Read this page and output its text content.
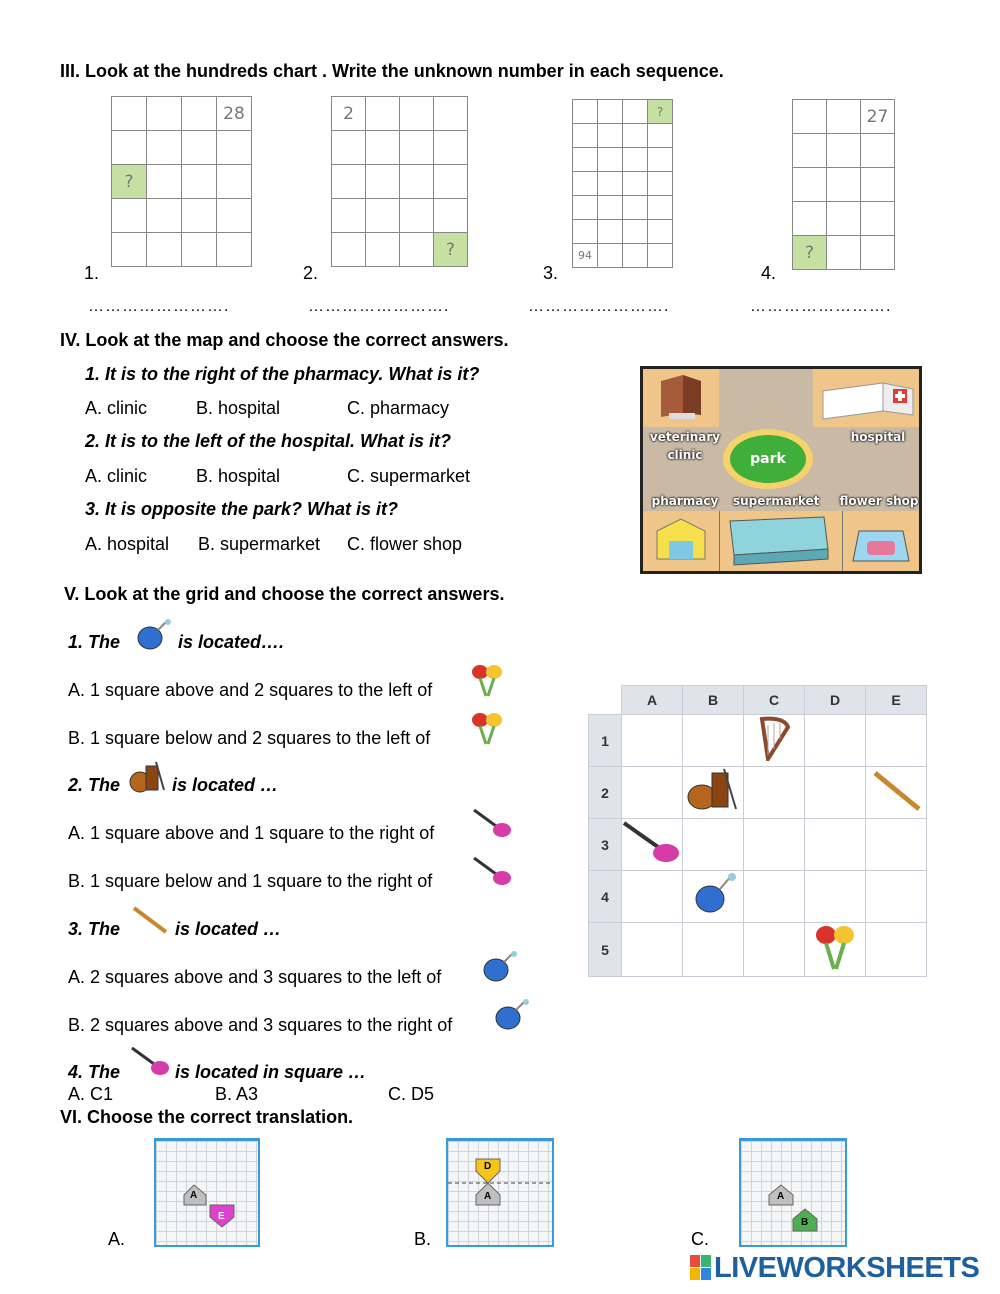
III. Look at the hundreds chart . Write the unknown number in each sequence.
1.
			28

?			

…………………….
2.
2			

			?
…………………….
3.
			?

94			
…………………….
4.
		27

?		
…………………….
IV. Look at the map and choose the correct answers.
1. It is to the right of the pharmacy. What is it?
A. clinic	B. hospital	C. pharmacy
2. It is to the left of the hospital. What is it?
A. clinic	B. hospital	C. supermarket
3. It is opposite the park? What is it?
A. hospital B. supermarket C. flower shop
veterinary
clinic
hospital
park
pharmacy	supermarket flower shop
V. Look at the grid and choose the correct answers.
1. The	is located….
A. 1 square above and 2 squares to the left of
B. 1 square below and 2 squares to the left of
2. The	is located …
A. 1 square above and 1 square to the right of
B. 1 square below and 1 square to the right of
3. The	is located …
A. 2 squares above and 3 squares to the left of
B. 2 squares above and 3 squares to the right of
4. The	is located in square …
A. C1	B. A3	C. D5
	A	B	C	D	E
1					
2					
3					
4					
5					
VI. Choose the correct translation.
A.
A
E
B.
D
A
C.
A
B
LIVEWORKSHEETS
